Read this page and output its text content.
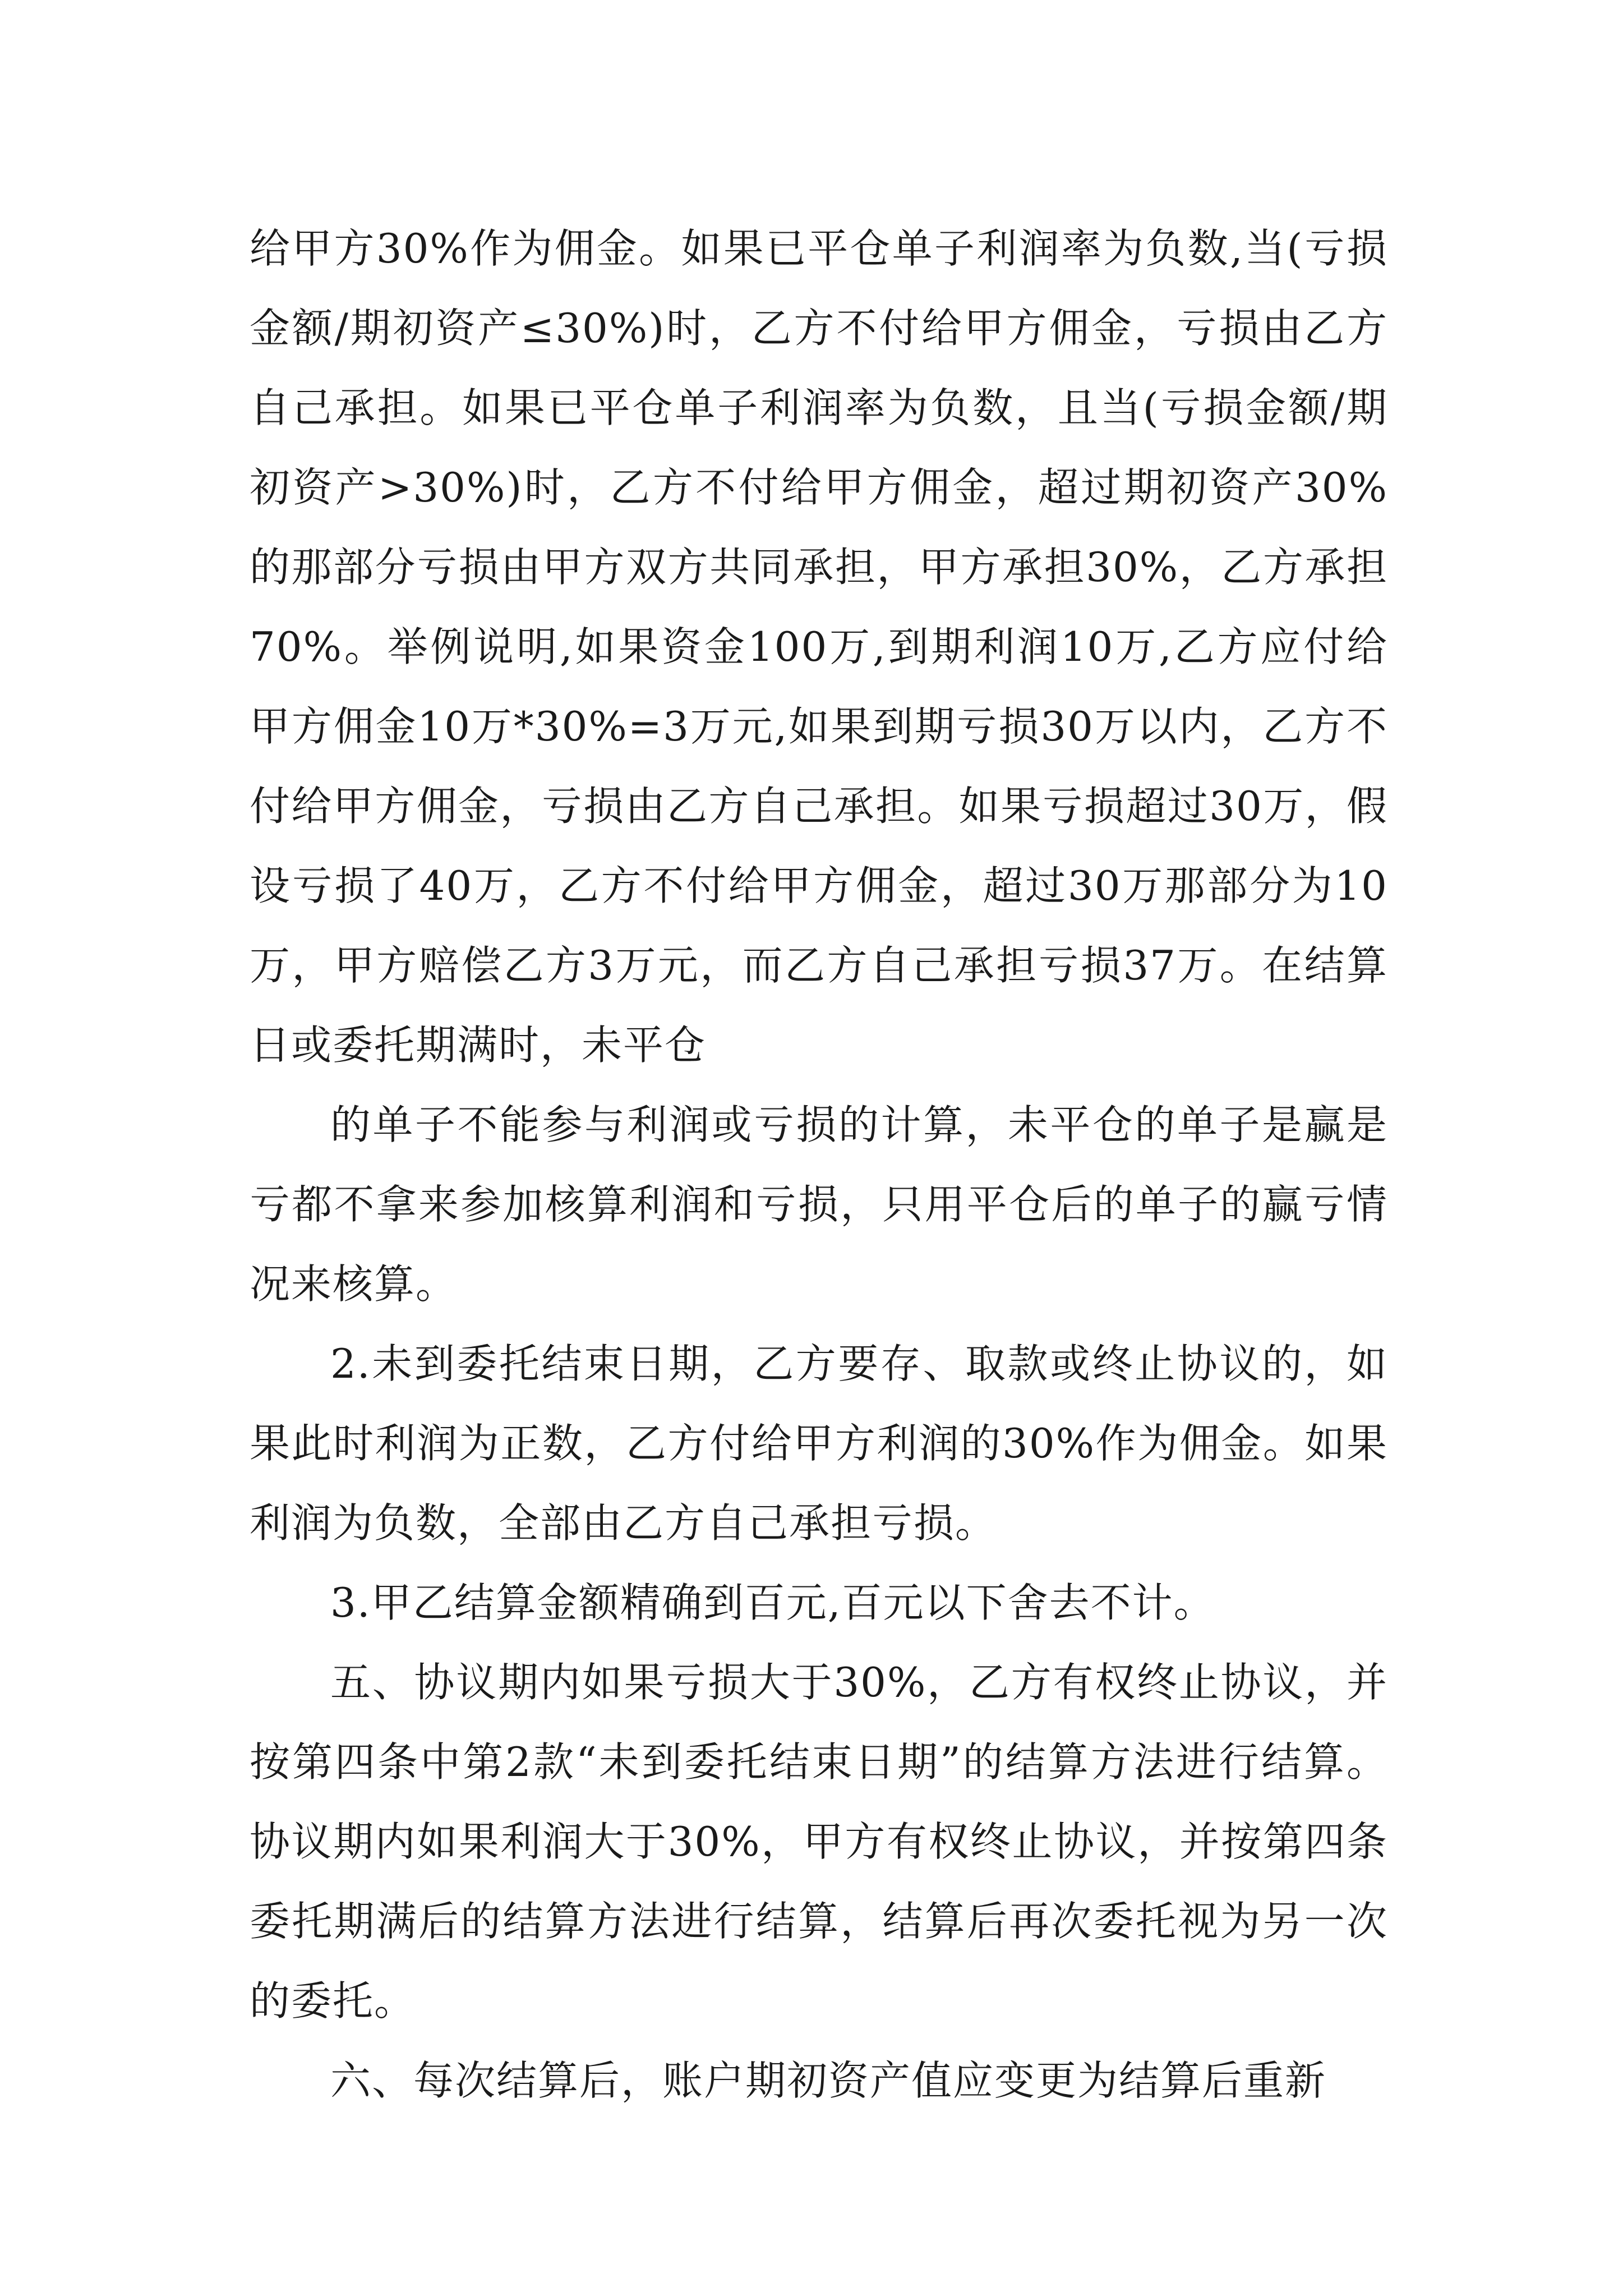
给甲方30%作为佣金。如果已平仓单子利润率为负数,当(亏损金额/期初资产≤30%)时，乙方不付给甲方佣金，亏损由乙方自己承担。如果已平仓单子利润率为负数，且当(亏损金额/期初资产>30%)时，乙方不付给甲方佣金，超过期初资产30%的那部分亏损由甲方双方共同承担，甲方承担30%，乙方承担70%。举例说明,如果资金100万,到期利润10万,乙方应付给甲方佣金10万*30%=3万元,如果到期亏损30万以内，乙方不付给甲方佣金，亏损由乙方自己承担。如果亏损超过30万，假设亏损了40万，乙方不付给甲方佣金，超过30万那部分为10万，甲方赔偿乙方3万元，而乙方自己承担亏损37万。在结算日或委托期满时，未平仓

的单子不能参与利润或亏损的计算，未平仓的单子是赢是亏都不拿来参加核算利润和亏损，只用平仓后的单子的赢亏情况来核算。

2.未到委托结束日期，乙方要存、取款或终止协议的，如果此时利润为正数，乙方付给甲方利润的30%作为佣金。如果利润为负数，全部由乙方自己承担亏损。

3.甲乙结算金额精确到百元,百元以下舍去不计。

五、协议期内如果亏损大于30%，乙方有权终止协议，并按第四条中第2款“未到委托结束日期”的结算方法进行结算。协议期内如果利润大于30%，甲方有权终止协议，并按第四条委托期满后的结算方法进行结算，结算后再次委托视为另一次的委托。

六、每次结算后，账户期初资产值应变更为结算后重新
